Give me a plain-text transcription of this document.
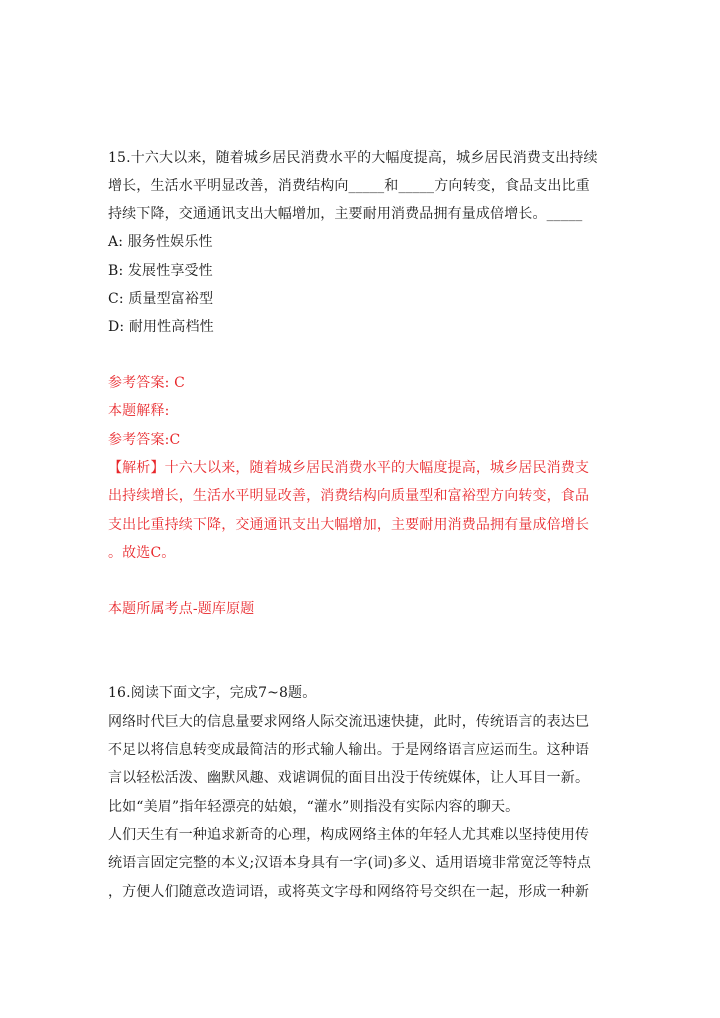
15.十六大以来，随着城乡居民消费水平的大幅度提高，城乡居民消费支出持续
增长，生活水平明显改善，消费结构向_____和_____方向转变，食品支出比重
持续下降，交通通讯支出大幅增加，主要耐用消费品拥有量成倍增长。_____
A: 服务性娱乐性
B: 发展性享受性
C: 质量型富裕型
D: 耐用性高档性
参考答案: C
本题解释:
参考答案:C
【解析】十六大以来，随着城乡居民消费水平的大幅度提高，城乡居民消费支
出持续增长，生活水平明显改善，消费结构向质量型和富裕型方向转变，食品
支出比重持续下降，交通通讯支出大幅增加，主要耐用消费品拥有量成倍增长
。故选C。
本题所属考点-题库原题
16.阅读下面文字，完成7~8题。
网络时代巨大的信息量要求网络人际交流迅速快捷，此时，传统语言的表达巳
不足以将信息转变成最简洁的形式输人输出。于是网络语言应运而生。这种语
言以轻松活泼、幽默风趣、戏谑调侃的面目出没于传统媒体，让人耳目一新。
比如“美眉”指年轻漂亮的姑娘，“灌水”则指没有实际内容的聊天。
人们天生有一种追求新奇的心理，构成网络主体的年轻人尤其难以坚持使用传
统语言固定完整的本义;汉语本身具有一字(词)多义、适用语境非常宽泛等特点
，方便人们随意改造词语，或将英文字母和网络符号交织在一起，形成一种新
